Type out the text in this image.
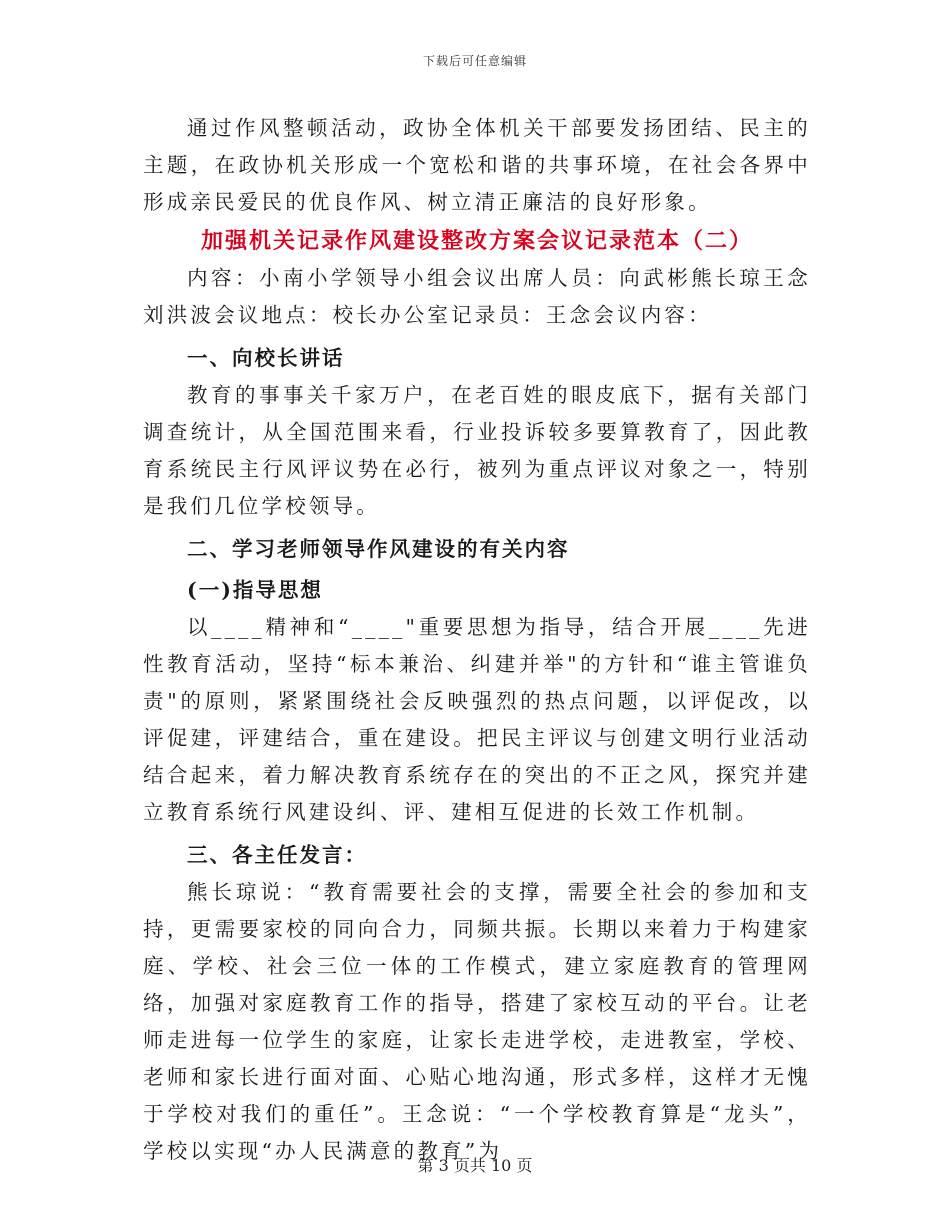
下载后可任意编辑

通过作风整顿活动，政协全体机关干部要发扬团结、民主的主题，在政协机关形成一个宽松和谐的共事环境，在社会各界中形成亲民爱民的优良作风、树立清正廉洁的良好形象。

加强机关记录作风建设整改方案会议记录范本（二）

内容：小南小学领导小组会议出席人员：向武彬熊长琼王念刘洪波会议地点：校长办公室记录员：王念会议内容：

一、向校长讲话

教育的事事关千家万户，在老百姓的眼皮底下，据有关部门调查统计，从全国范围来看，行业投诉较多要算教育了，因此教育系统民主行风评议势在必行，被列为重点评议对象之一，特别是我们几位学校领导。

二、学习老师领导作风建设的有关内容

(一)指导思想

以____精神和“____"重要思想为指导，结合开展____先进性教育活动，坚持“标本兼治、纠建并举"的方针和“谁主管谁负责"的原则，紧紧围绕社会反映强烈的热点问题，以评促改，以评促建，评建结合，重在建设。把民主评议与创建文明行业活动结合起来，着力解决教育系统存在的突出的不正之风，探究并建立教育系统行风建设纠、评、建相互促进的长效工作机制。

三、各主任发言：

熊长琼说：“教育需要社会的支撑，需要全社会的参加和支持，更需要家校的同向合力，同频共振。长期以来着力于构建家庭、学校、社会三位一体的工作模式，建立家庭教育的管理网络，加强对家庭教育工作的指导，搭建了家校互动的平台。让老师走进每一位学生的家庭，让家长走进学校，走进教室，学校、老师和家长进行面对面、心贴心地沟通，形式多样，这样才无愧于学校对我们的重任”。王念说：“一个学校教育算是“龙头”，学校以实现“办人民满意的教育”为

第 3 页共 10 页
